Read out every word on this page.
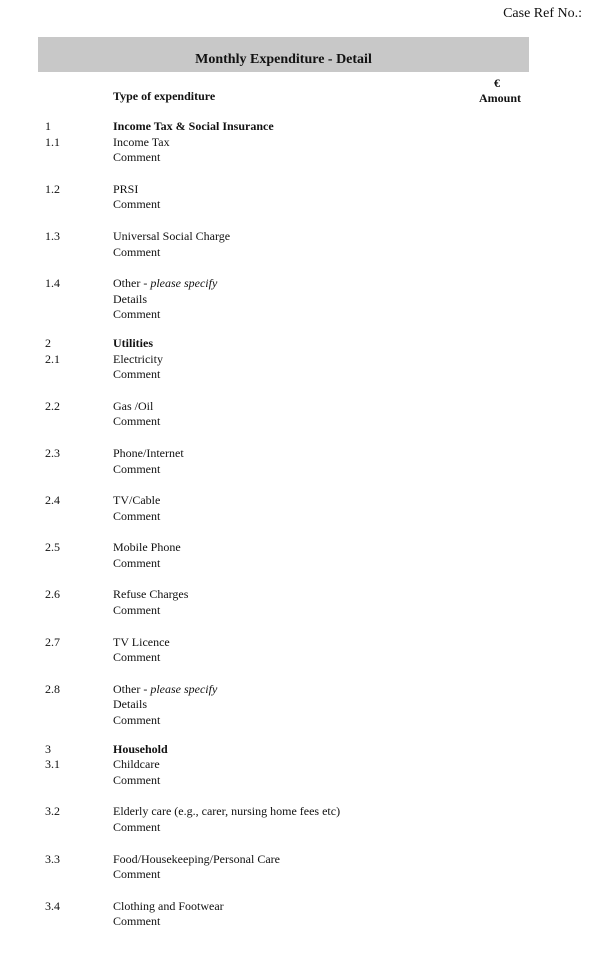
Case Ref No.:
Monthly Expenditure - Detail
Type of expenditure
€
Amount
1	Income Tax & Social Insurance
1.1	Income Tax
Comment
1.2	PRSI
Comment
1.3	Universal Social Charge
Comment
1.4	Other - please specify
Details
Comment
2	Utilities
2.1	Electricity
Comment
2.2	Gas /Oil
Comment
2.3	Phone/Internet
Comment
2.4	TV/Cable
Comment
2.5	Mobile Phone
Comment
2.6	Refuse Charges
Comment
2.7	TV Licence
Comment
2.8	Other - please specify
Details
Comment
3	Household
3.1	Childcare
Comment
3.2	Elderly care (e.g., carer, nursing home fees etc)
Comment
3.3	Food/Housekeeping/Personal Care
Comment
3.4	Clothing and Footwear
Comment
